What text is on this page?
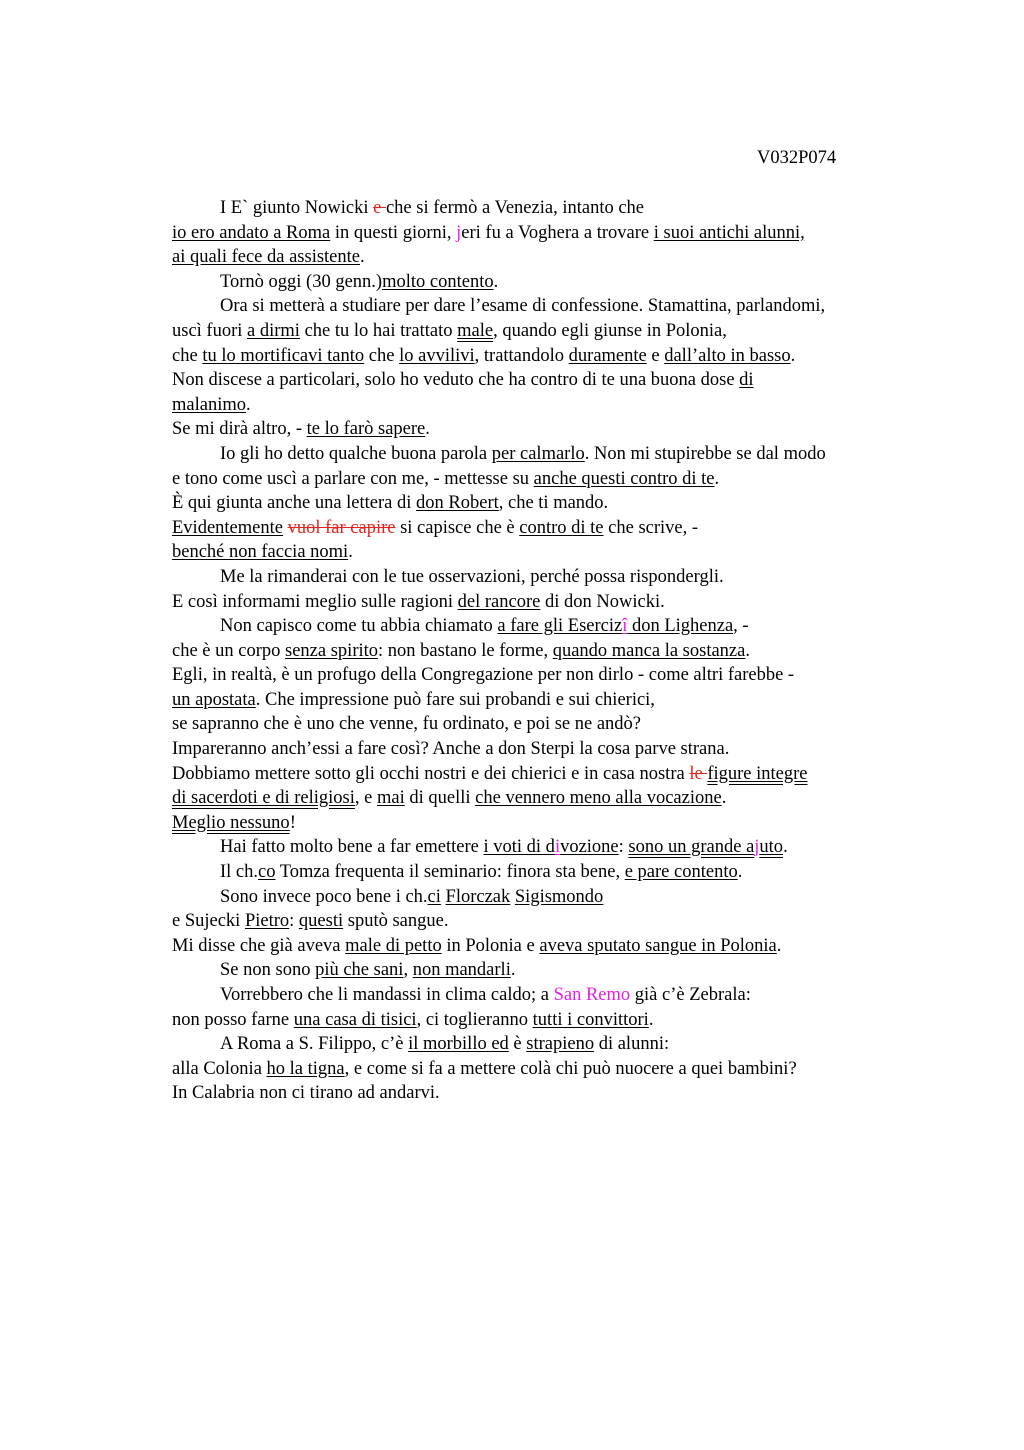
V032P074
I E` giunto Nowicki e che si fermò a Venezia, intanto che
io ero andato a Roma in questi giorni, jeri fu a Voghera a trovare i suoi antichi alunni,
ai quali fece da assistente.
Tornò oggi (30 genn.)molto contento.
Ora si metterà a studiare per dare l’esame di confessione. Stamattina, parlandomi,
uscì fuori a dirmi che tu lo hai trattato male, quando egli giunse in Polonia,
che tu lo mortificavi tanto che lo avvilivi, trattandolo duramente e dall’alto in basso.
Non discese a particolari, solo ho veduto che ha contro di te una buona dose di
malanimo.
Se mi dirà altro, - te lo farò sapere.
Io gli ho detto qualche buona parola per calmarlo. Non mi stupirebbe se dal modo
e tono come uscì a parlare con me, - mettesse su anche questi contro di te.
È qui giunta anche una lettera di don Robert, che ti mando.
Evidentemente vuol far capire si capisce che è contro di te che scrive, -
benché non faccia nomi.
Me la rimanderai con le tue osservazioni, perché possa rispondergli.
E così informami meglio sulle ragioni del rancore di don Nowicki.
Non capisco come tu abbia chiamato a fare gli Esercizî don Lighenza, -
che è un corpo senza spirito: non bastano le forme, quando manca la sostanza.
Egli, in realtà, è un profugo della Congregazione per non dirlo - come altri farebbe -
un apostata. Che impressione può fare sui probandi e sui chierici,
se sapranno che è uno che venne, fu ordinato, e poi se ne andò?
Impareranno anch’essi a fare così? Anche a don Sterpi la cosa parve strana.
Dobbiamo mettere sotto gli occhi nostri e dei chierici e in casa nostra le figure integre
di sacerdoti e di religiosi, e mai di quelli che vennero meno alla vocazione.
Meglio nessuno!
Hai fatto molto bene a far emettere i voti di divozione: sono un grande ajuto.
Il ch.co Tomza frequenta il seminario: finora sta bene, e pare contento.
Sono invece poco bene i ch.ci Florczak Sigismondo
e Sujecki Pietro: questi sputò sangue.
Mi disse che già aveva male di petto in Polonia e aveva sputato sangue in Polonia.
Se non sono più che sani, non mandarli.
Vorrebbero che li mandassi in clima caldo; a San Remo già c’è Zebrala:
non posso farne una casa di tisici, ci toglieranno tutti i convittori.
A Roma a S. Filippo, c’è il morbillo ed è strapieno di alunni:
alla Colonia ho la tigna, e come si fa a mettere colà chi può nuocere a quei bambini?
In Calabria non ci tirano ad andarvi.
